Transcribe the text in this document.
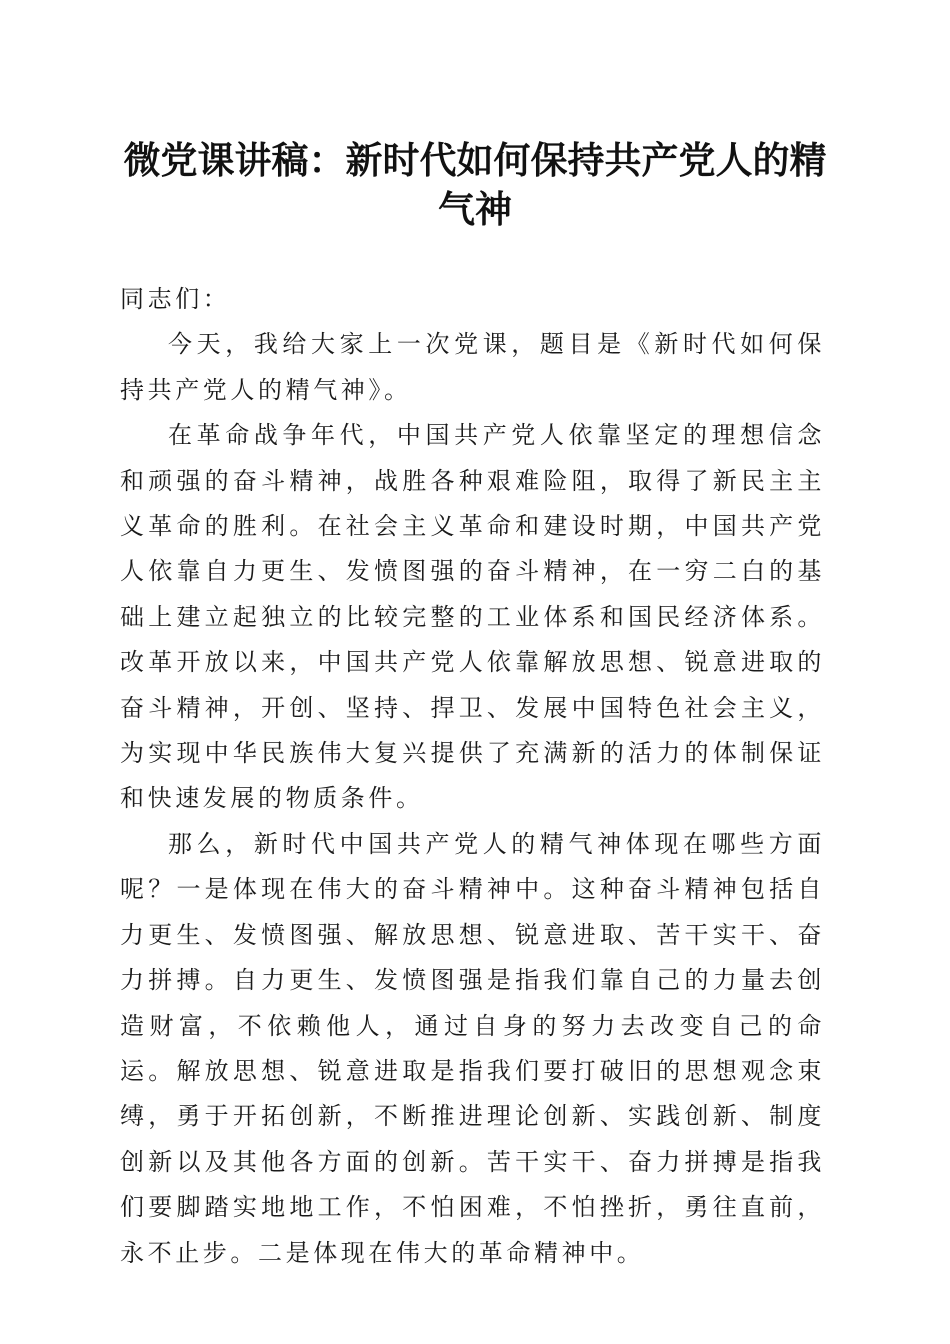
微党课讲稿：新时代如何保持共产党人的精气神

同志们：

今天，我给大家上一次党课，题目是《新时代如何保持共产党人的精气神》。

在革命战争年代，中国共产党人依靠坚定的理想信念和顽强的奋斗精神，战胜各种艰难险阻，取得了新民主主义革命的胜利。在社会主义革命和建设时期，中国共产党人依靠自力更生、发愤图强的奋斗精神，在一穷二白的基础上建立起独立的比较完整的工业体系和国民经济体系。改革开放以来，中国共产党人依靠解放思想、锐意进取的奋斗精神，开创、坚持、捍卫、发展中国特色社会主义，为实现中华民族伟大复兴提供了充满新的活力的体制保证和快速发展的物质条件。

那么，新时代中国共产党人的精气神体现在哪些方面呢？一是体现在伟大的奋斗精神中。这种奋斗精神包括自力更生、发愤图强、解放思想、锐意进取、苦干实干、奋力拼搏。自力更生、发愤图强是指我们靠自己的力量去创造财富，不依赖他人，通过自身的努力去改变自己的命运。解放思想、锐意进取是指我们要打破旧的思想观念束缚，勇于开拓创新，不断推进理论创新、实践创新、制度创新以及其他各方面的创新。苦干实干、奋力拼搏是指我们要脚踏实地地工作，不怕困难，不怕挫折，勇往直前，永不止步。二是体现在伟大的革命精神中。
